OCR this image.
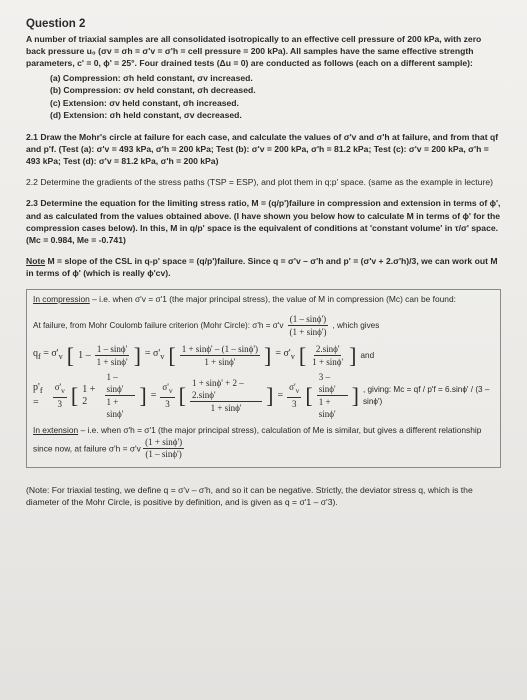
Question 2

A number of triaxial samples are all consolidated isotropically to an effective cell pressure of 200 kPa, with zero back pressure u₀ (σv = σh = σ'v = σ'h = cell pressure = 200 kPa). All samples have the same effective strength parameters, c' = 0, ϕ' = 25°. Four drained tests (Δu = 0) are conducted as follows (each on a different sample):

(a) Compression: σh held constant, σv increased.
(b) Compression: σv held constant, σh decreased.
(c) Extension: σv held constant, σh increased.
(d) Extension: σh held constant, σv decreased.

2.1 Draw the Mohr's circle at failure for each case, and calculate the values of σ'v and σ'h at failure, and from that qf and p'f. (Test (a): σ'v = 493 kPa, σ'h = 200 kPa; Test (b): σ'v = 200 kPa, σ'h = 81.2 kPa; Test (c): σ'v = 200 kPa, σ'h = 493 kPa; Test (d): σ'v = 81.2 kPa, σ'h = 200 kPa)

2.2 Determine the gradients of the stress paths (TSP = ESP), and plot them in q:p' space. (same as the example in lecture)

2.3 Determine the equation for the limiting stress ratio, M = (q/p')failure in compression and extension in terms of ϕ', and as calculated from the values obtained above. (I have shown you below how to calculate M in terms of ϕ' for the compression cases below). In this, M in q/p' space is the equivalent of conditions at 'constant volume' in τ/σ' space. (Mc = 0.984, Me = -0.741)

Note M = slope of the CSL in q-p' space = (q/p')failure. Since q = σ'v – σ'h and p' = (σ'v + 2.σ'h)/3, we can work out M in terms of ϕ' (which is really ϕ'cv).

In compression – i.e. when σ'v = σ'1 (the major principal stress), the value of M in compression (Mc) can be found:

At failure, from Mohr Coulomb failure criterion (Mohr Circle): $\sigma'h = \sigma'v \frac{(1 - \sin\phi')}{(1 + \sin\phi')}$ , which gives
$q_f = \sigma'_v$ [ $1 - \frac{1 - \sin\phi'}{1 + \sin\phi'}$ ] = $\sigma'_v$ [ $\frac{1 + \sin\phi' - (1 - \sin\phi')}{1 + \sin\phi'}$ ] = $\sigma'_v$ [ $\frac{2.\sin\phi'}{1 + \sin\phi'}$ ] and
$p'_f$ =	$\frac{\sigma'_v}{3}$ [ 1 + 2	$\frac{1 - \sin\phi'}{1 + \sin\phi'}$ ] = $\frac{\sigma'_v}{3}$ [ $\frac{1 + \sin\phi' + 2 - 2.\sin\phi'}{1 + \sin\phi'}$ ] = $\frac{\sigma'_v}{3}$ [ $\frac{3 - \sin\phi'}{1 + \sin\phi'}$ ] , giving: Mc = qf / p'f = 6.sinϕ' / (3 – sinϕ')

In extension – i.e. when σ'h = σ'1 (the major principal stress), calculation of Me is similar, but gives a different relationship since now, at failure $\sigma'h = \sigma'v \frac{(1 + \sin\phi')}{(1 - \sin\phi')}$

(Note: For triaxial testing, we define q = σ'v – σ'h, and so it can be negative. Strictly, the deviator stress q, which is the diameter of the Mohr Circle, is positive by definition, and is given as q = σ'1 – σ'3).
